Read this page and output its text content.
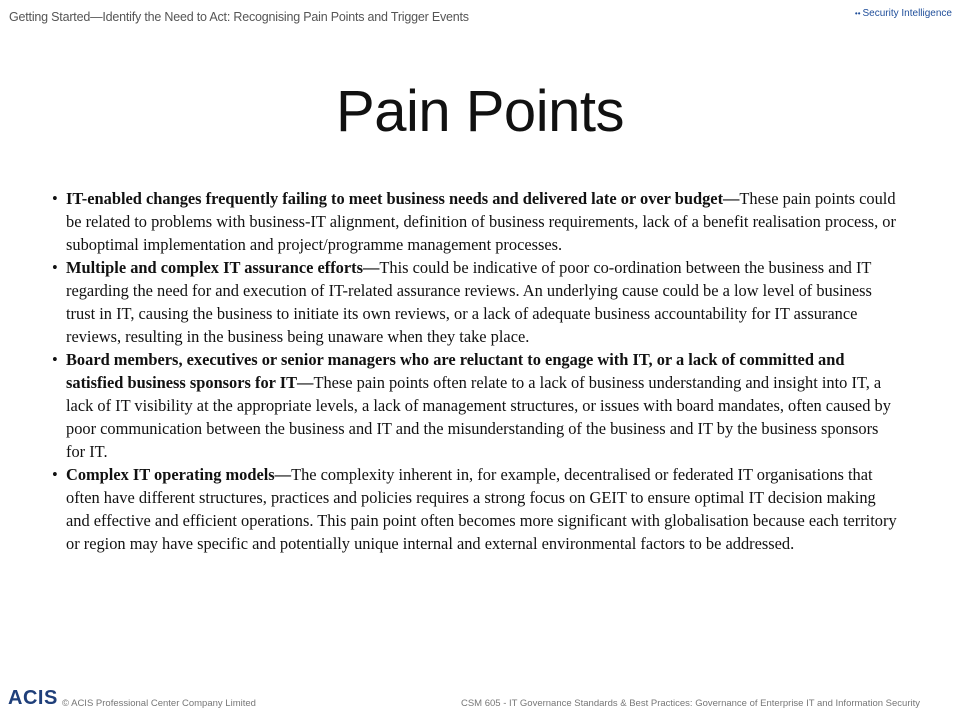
Getting Started—Identify the Need to Act: Recognising Pain Points and Trigger Events	•• Security Intelligence
Pain Points

• IT-enabled changes frequently failing to meet business needs and delivered late or over budget—These pain points could be related to problems with business-IT alignment, definition of business requirements, lack of a benefit realisation process, or suboptimal implementation and project/programme management processes.

• Multiple and complex IT assurance efforts—This could be indicative of poor co-ordination between the business and IT regarding the need for and execution of IT-related assurance reviews. An underlying cause could be a low level of business trust in IT, causing the business to initiate its own reviews, or a lack of adequate business accountability for IT assurance reviews, resulting in the business being unaware when they take place.

• Board members, executives or senior managers who are reluctant to engage with IT, or a lack of committed and satisfied business sponsors for IT—These pain points often relate to a lack of business understanding and insight into IT, a lack of IT visibility at the appropriate levels, a lack of management structures, or issues with board mandates, often caused by poor communication between the business and IT and the misunderstanding of the business and IT by the business sponsors for IT.

• Complex IT operating models—The complexity inherent in, for example, decentralised or federated IT organisations that often have different structures, practices and policies requires a strong focus on GEIT to ensure optimal IT decision making and effective and efficient operations. This pain point often becomes more significant with globalisation because each territory or region may have specific and potentially unique internal and external environmental factors to be addressed.

ACIS © ACIS Professional Center Company Limited	CSM 605 - IT Governance Standards & Best Practices: Governance of Enterprise IT and Information Security
